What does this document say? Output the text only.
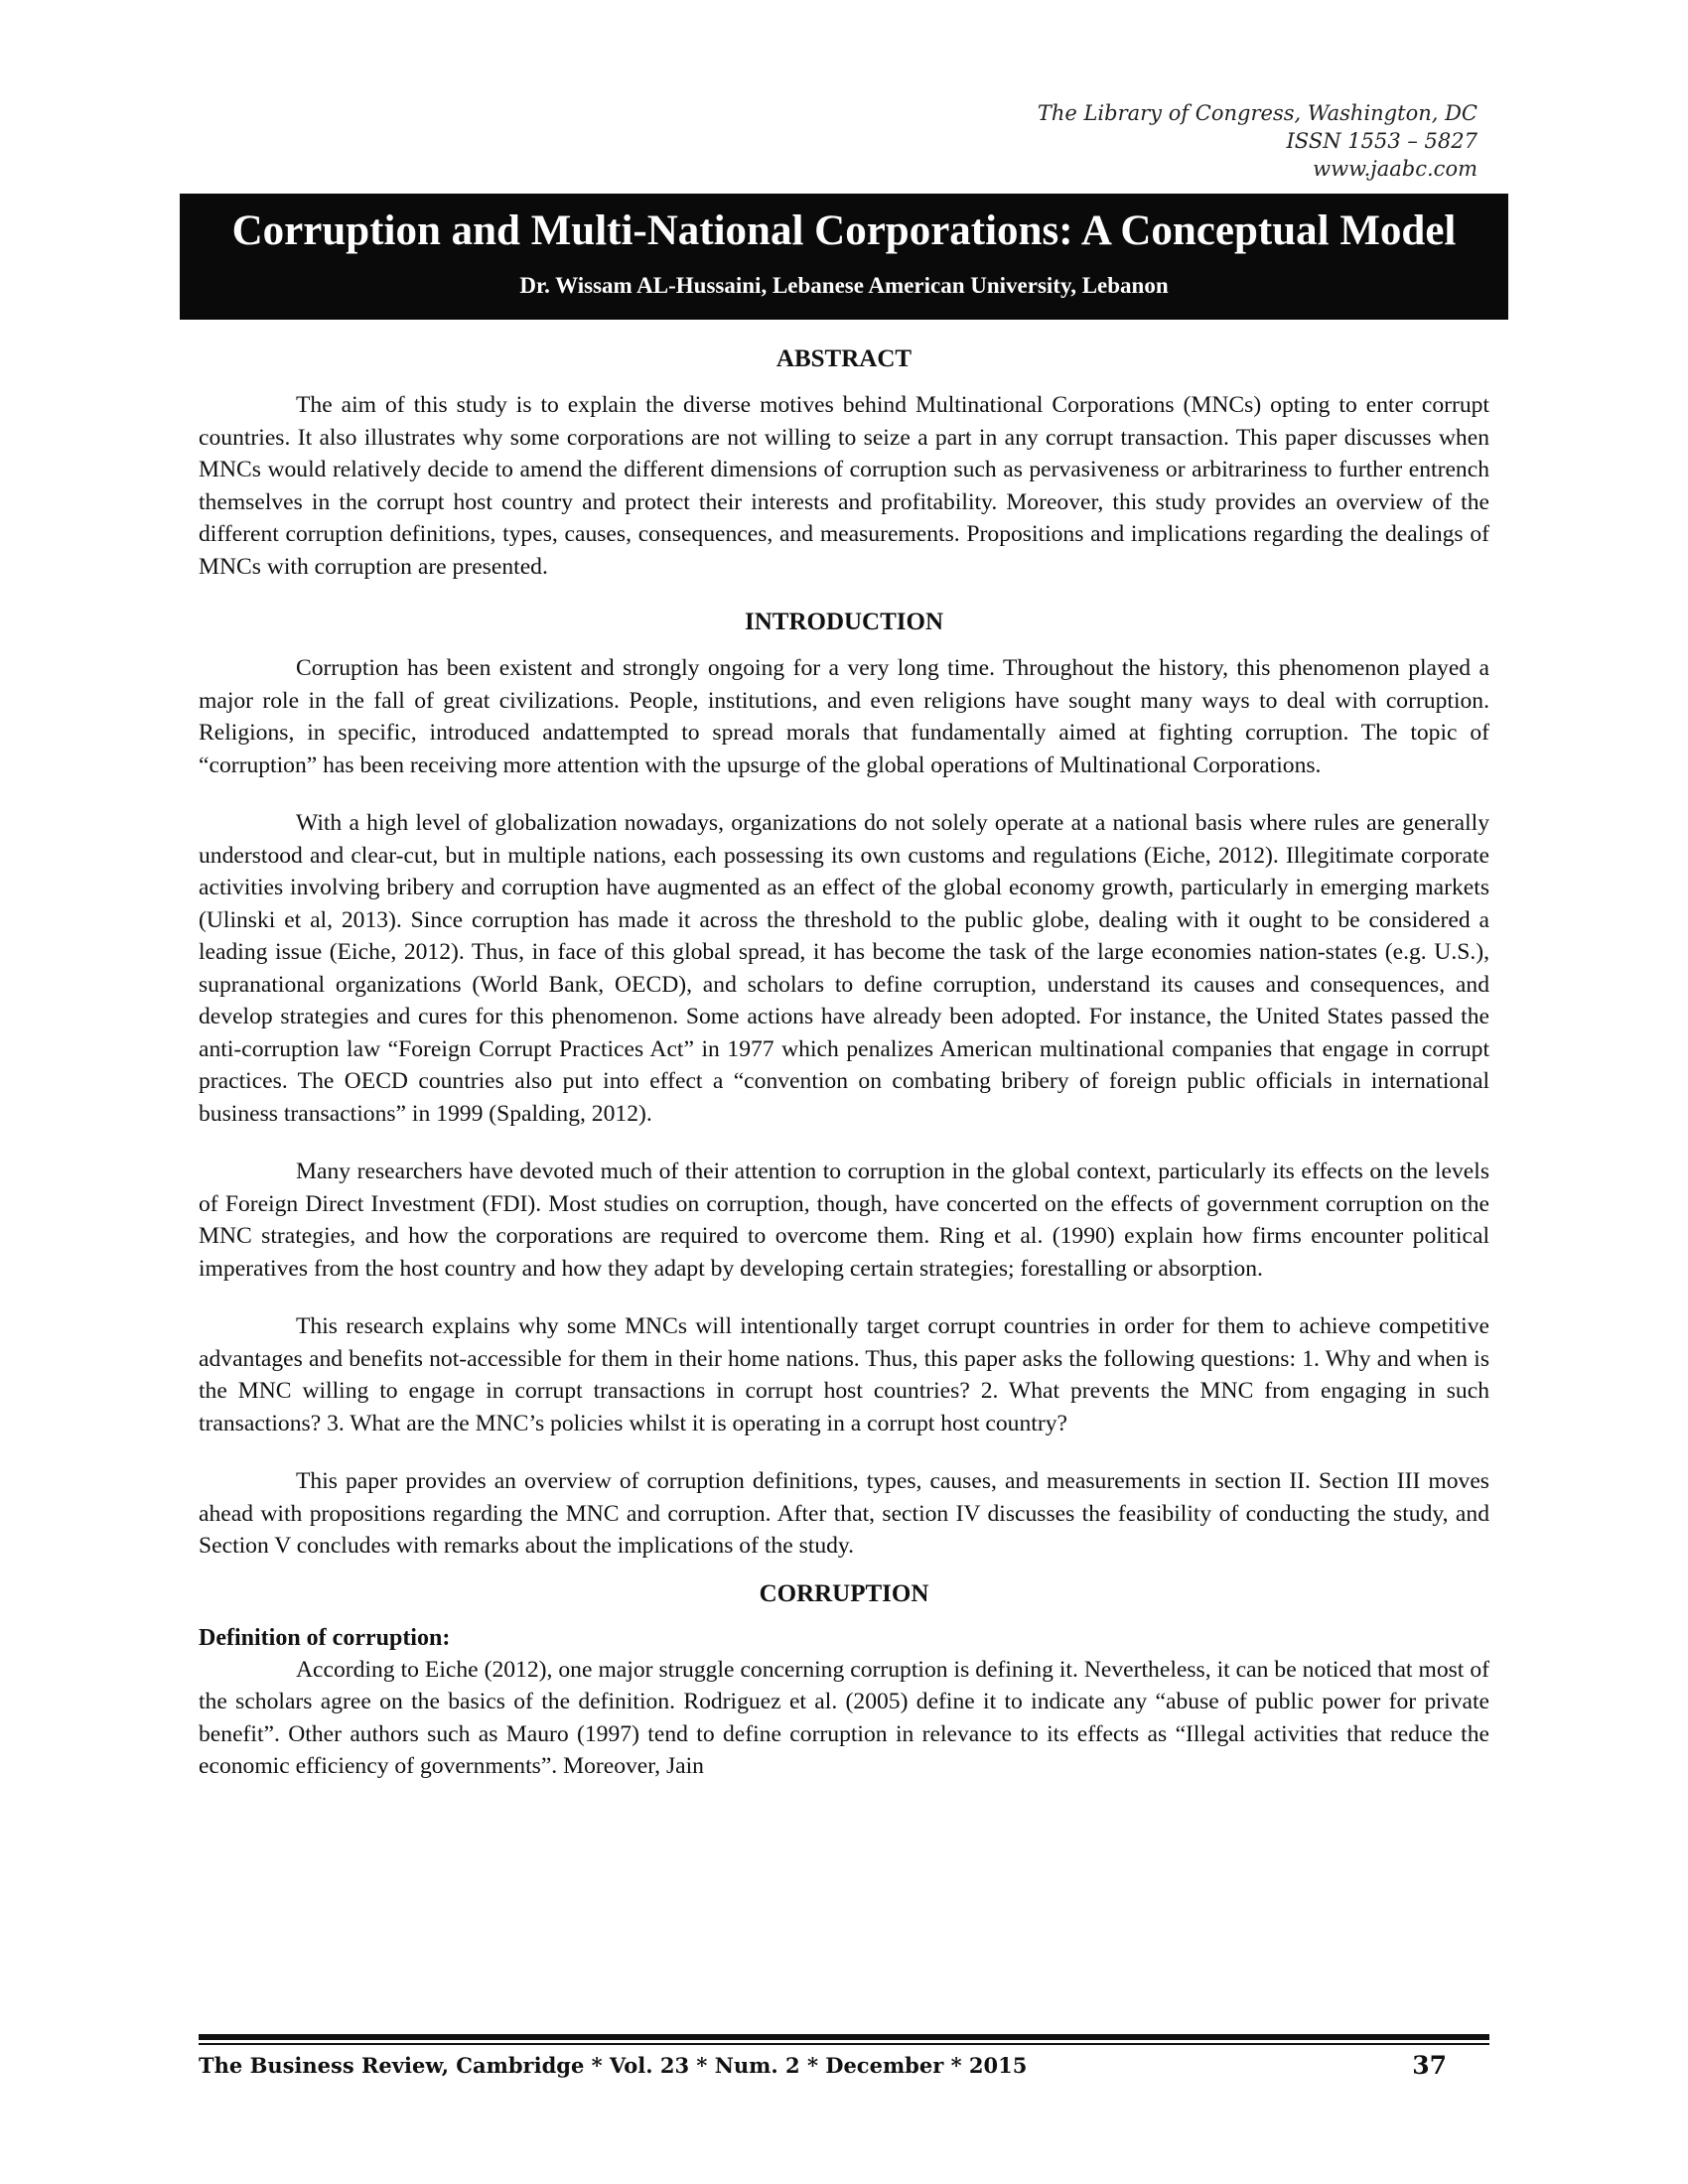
The Library of Congress, Washington, DC
ISSN 1553 – 5827
www.jaabc.com
Corruption and Multi-National Corporations: A Conceptual Model
Dr. Wissam AL-Hussaini, Lebanese American University, Lebanon
ABSTRACT

The aim of this study is to explain the diverse motives behind Multinational Corporations (MNCs) opting to enter corrupt countries. It also illustrates why some corporations are not willing to seize a part in any corrupt transaction. This paper discusses when MNCs would relatively decide to amend the different dimensions of corruption such as pervasiveness or arbitrariness to further entrench themselves in the corrupt host country and protect their interests and profitability. Moreover, this study provides an overview of the different corruption definitions, types, causes, consequences, and measurements. Propositions and implications regarding the dealings of MNCs with corruption are presented.

INTRODUCTION

Corruption has been existent and strongly ongoing for a very long time. Throughout the history, this phenomenon played a major role in the fall of great civilizations. People, institutions, and even religions have sought many ways to deal with corruption. Religions, in specific, introduced andattempted to spread morals that fundamentally aimed at fighting corruption. The topic of “corruption” has been receiving more attention with the upsurge of the global operations of Multinational Corporations.

With a high level of globalization nowadays, organizations do not solely operate at a national basis where rules are generally understood and clear-cut, but in multiple nations, each possessing its own customs and regulations (Eiche, 2012). Illegitimate corporate activities involving bribery and corruption have augmented as an effect of the global economy growth, particularly in emerging markets (Ulinski et al, 2013). Since corruption has made it across the threshold to the public globe, dealing with it ought to be considered a leading issue (Eiche, 2012). Thus, in face of this global spread, it has become the task of the large economies nation-states (e.g. U.S.), supranational organizations (World Bank, OECD), and scholars to define corruption, understand its causes and consequences, and develop strategies and cures for this phenomenon. Some actions have already been adopted. For instance, the United States passed the anti-corruption law “Foreign Corrupt Practices Act” in 1977 which penalizes American multinational companies that engage in corrupt practices. The OECD countries also put into effect a “convention on combating bribery of foreign public officials in international business transactions” in 1999 (Spalding, 2012).

Many researchers have devoted much of their attention to corruption in the global context, particularly its effects on the levels of Foreign Direct Investment (FDI). Most studies on corruption, though, have concerted on the effects of government corruption on the MNC strategies, and how the corporations are required to overcome them. Ring et al. (1990) explain how firms encounter political imperatives from the host country and how they adapt by developing certain strategies; forestalling or absorption.

This research explains why some MNCs will intentionally target corrupt countries in order for them to achieve competitive advantages and benefits not-accessible for them in their home nations. Thus, this paper asks the following questions: 1. Why and when is the MNC willing to engage in corrupt transactions in corrupt host countries? 2. What prevents the MNC from engaging in such transactions? 3. What are the MNC’s policies whilst it is operating in a corrupt host country?

This paper provides an overview of corruption definitions, types, causes, and measurements in section II. Section III moves ahead with propositions regarding the MNC and corruption. After that, section IV discusses the feasibility of conducting the study, and Section V concludes with remarks about the implications of the study.

CORRUPTION
Definition of corruption:

According to Eiche (2012), one major struggle concerning corruption is defining it. Nevertheless, it can be noticed that most of the scholars agree on the basics of the definition. Rodriguez et al. (2005) define it to indicate any “abuse of public power for private benefit”. Other authors such as Mauro (1997) tend to define corruption in relevance to its effects as “Illegal activities that reduce the economic efficiency of governments”. Moreover, Jain

The Business Review, Cambridge * Vol. 23 * Num. 2 * December * 2015	37
